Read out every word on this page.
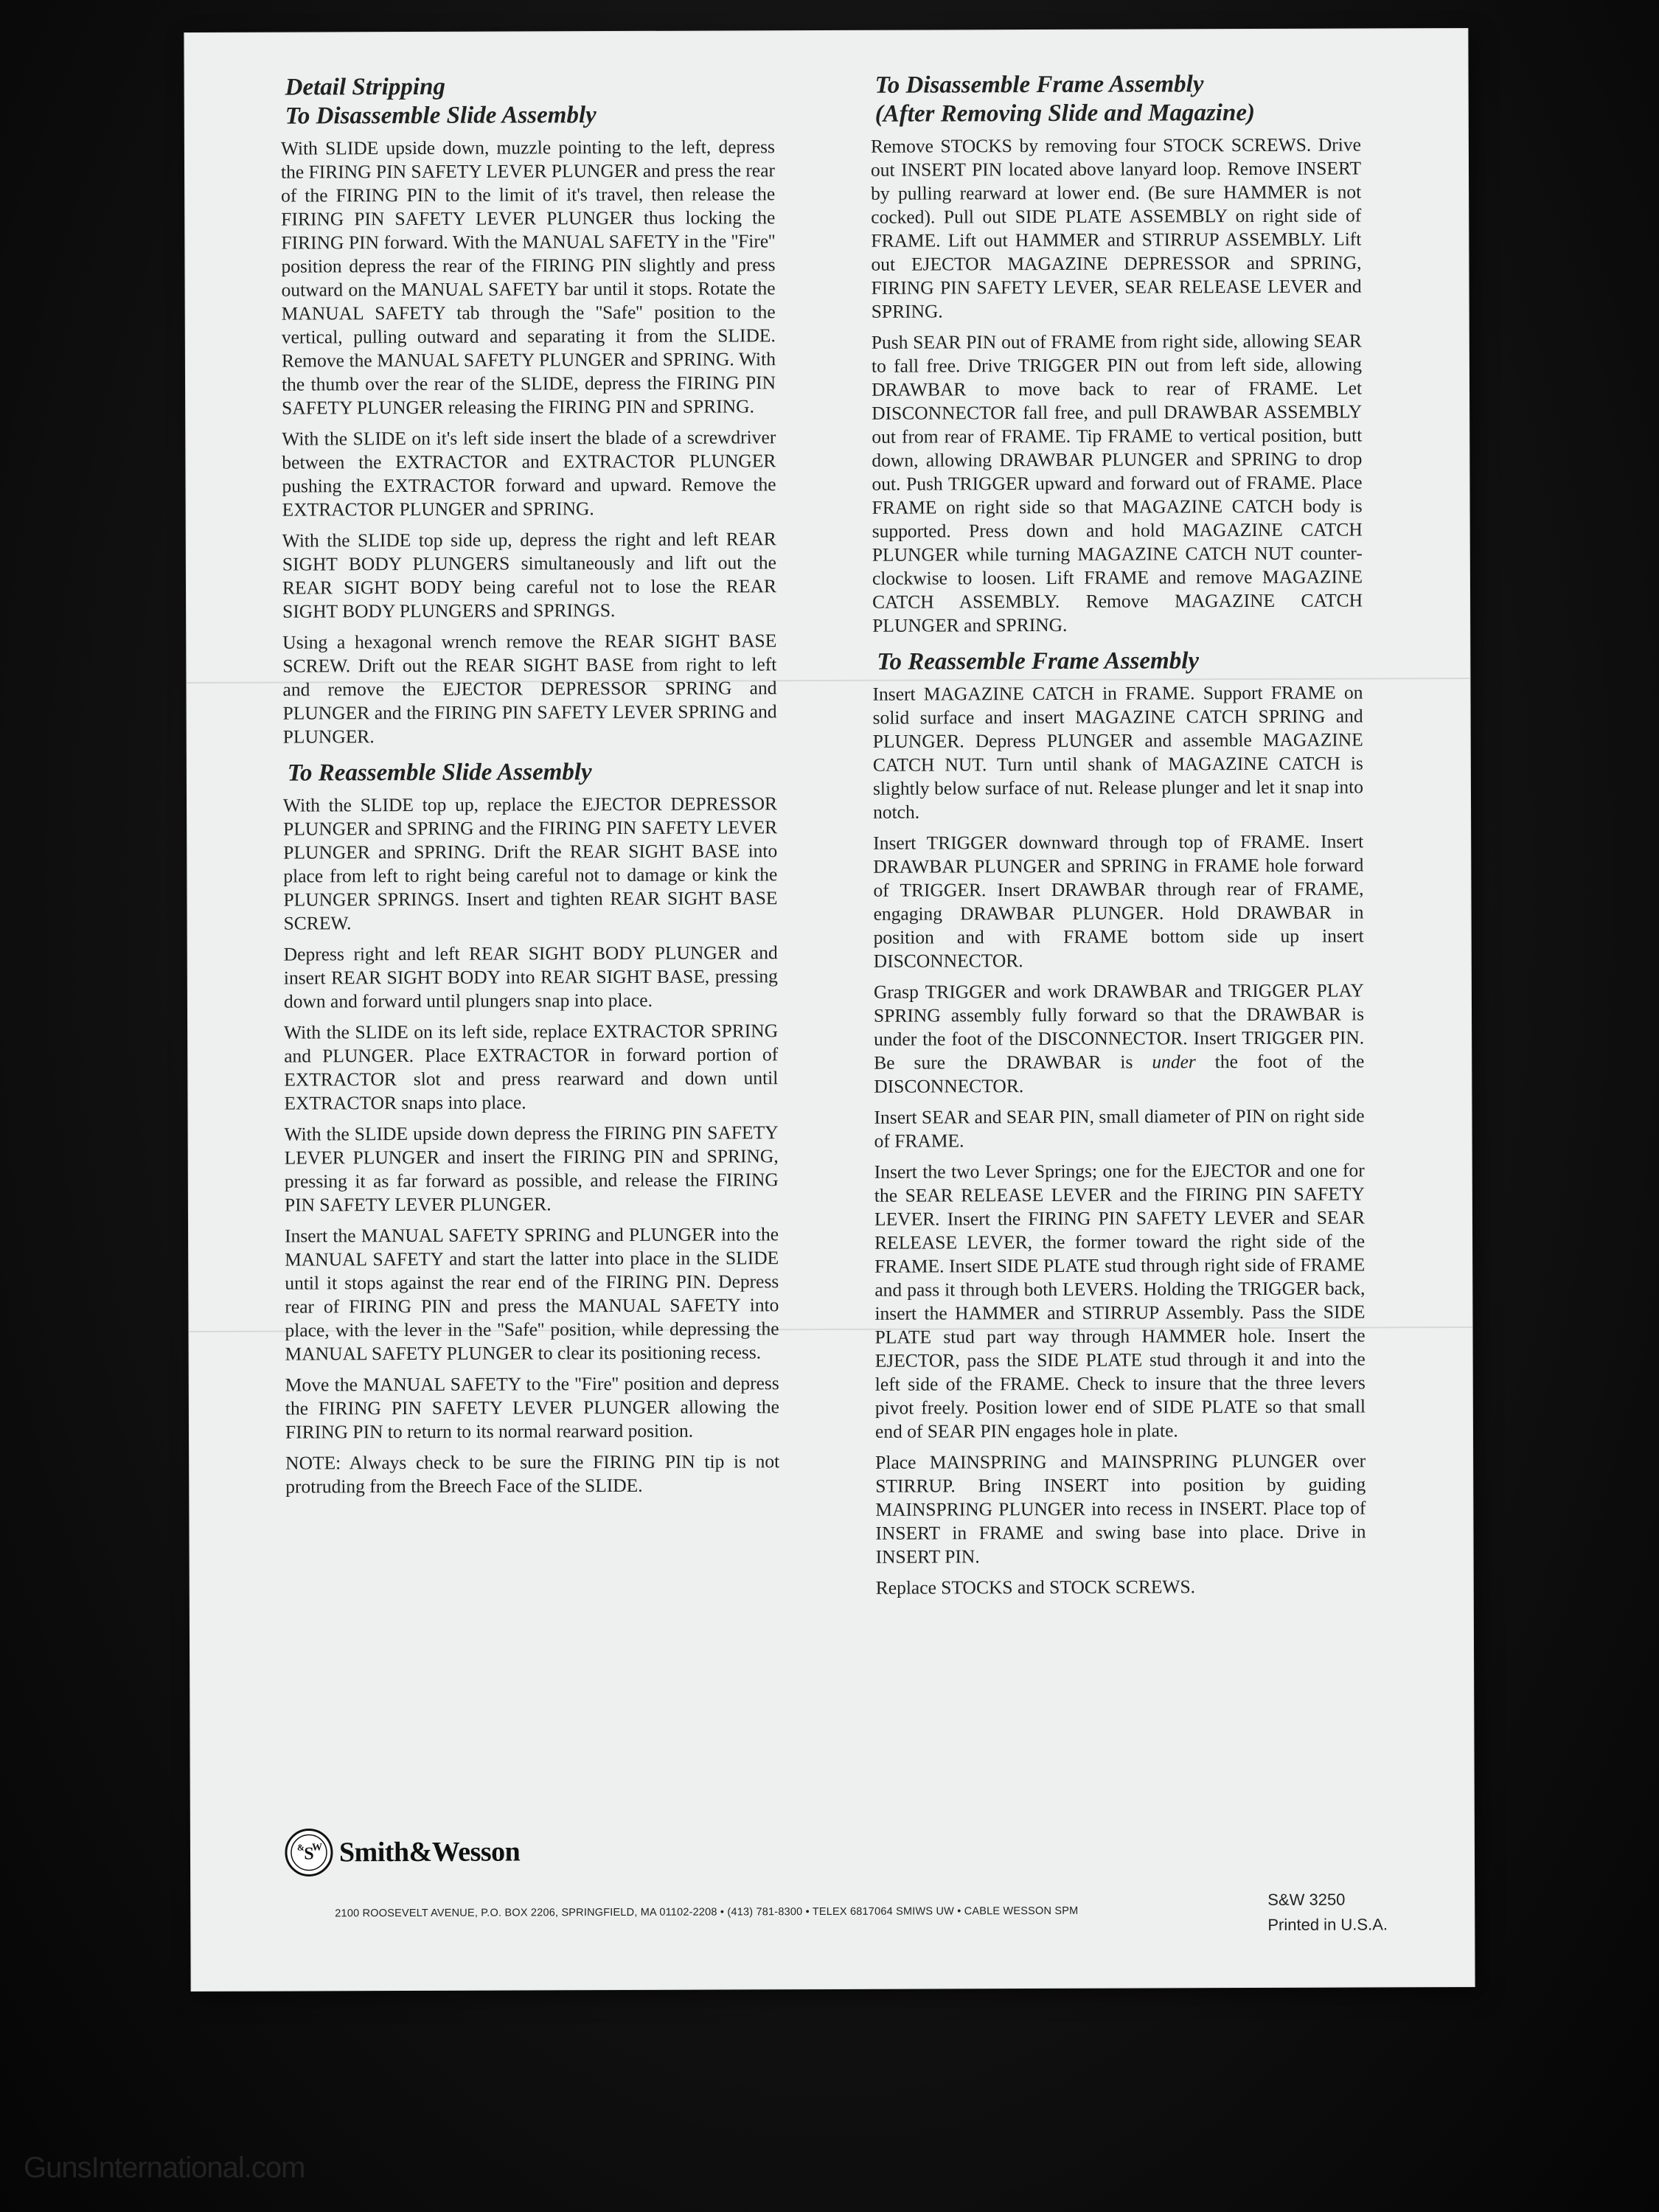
Detail Stripping
To Disassemble Slide Assembly

With SLIDE upside down, muzzle pointing to the left, depress the FIRING PIN SAFETY LEVER PLUNGER and press the rear of the FIRING PIN to the limit of it's travel, then release the FIRING PIN SAFETY LEVER PLUNGER thus locking the FIRING PIN forward. With the MANUAL SAFETY in the ''Fire'' position depress the rear of the FIRING PIN slightly and press outward on the MANUAL SAFETY bar until it stops. Rotate the MANUAL SAFETY tab through the ''Safe'' position to the vertical, pulling outward and separating it from the SLIDE. Remove the MANUAL SAFETY PLUNGER and SPRING. With the thumb over the rear of the SLIDE, depress the FIRING PIN SAFETY PLUNGER releasing the FIRING PIN and SPRING.

With the SLIDE on it's left side insert the blade of a screwdriver between the EXTRACTOR and EXTRACTOR PLUNGER pushing the EXTRACTOR forward and upward. Remove the EXTRACTOR PLUNGER and SPRING.

With the SLIDE top side up, depress the right and left REAR SIGHT BODY PLUNGERS simultaneously and lift out the REAR SIGHT BODY being careful not to lose the REAR SIGHT BODY PLUNGERS and SPRINGS.

Using a hexagonal wrench remove the REAR SIGHT BASE SCREW. Drift out the REAR SIGHT BASE from right to left and remove the EJECTOR DEPRESSOR SPRING and PLUNGER and the FIRING PIN SAFETY LEVER SPRING and PLUNGER.

To Reassemble Slide Assembly

With the SLIDE top up, replace the EJECTOR DEPRESSOR PLUNGER and SPRING and the FIRING PIN SAFETY LEVER PLUNGER and SPRING. Drift the REAR SIGHT BASE into place from left to right being careful not to damage or kink the PLUNGER SPRINGS. Insert and tighten REAR SIGHT BASE SCREW.

Depress right and left REAR SIGHT BODY PLUNGER and insert REAR SIGHT BODY into REAR SIGHT BASE, pressing down and forward until plungers snap into place.

With the SLIDE on its left side, replace EXTRACTOR SPRING and PLUNGER. Place EXTRACTOR in forward portion of EXTRACTOR slot and press rearward and down until EXTRACTOR snaps into place.

With the SLIDE upside down depress the FIRING PIN SAFETY LEVER PLUNGER and insert the FIRING PIN and SPRING, pressing it as far forward as possible, and release the FIRING PIN SAFETY LEVER PLUNGER.

Insert the MANUAL SAFETY SPRING and PLUNGER into the MANUAL SAFETY and start the latter into place in the SLIDE until it stops against the rear end of the FIRING PIN. Depress rear of FIRING PIN and press the MANUAL SAFETY into place, with the lever in the ''Safe'' position, while depressing the MANUAL SAFETY PLUNGER to clear its positioning recess.

Move the MANUAL SAFETY to the ''Fire'' position and depress the FIRING PIN SAFETY LEVER PLUNGER allowing the FIRING PIN to return to its normal rearward position.

NOTE: Always check to be sure the FIRING PIN tip is not protruding from the Breech Face of the SLIDE.

To Disassemble Frame Assembly
(After Removing Slide and Magazine)

Remove STOCKS by removing four STOCK SCREWS. Drive out INSERT PIN located above lanyard loop. Remove INSERT by pulling rearward at lower end. (Be sure HAMMER is not cocked). Pull out SIDE PLATE ASSEMBLY on right side of FRAME. Lift out HAMMER and STIRRUP ASSEMBLY. Lift out EJECTOR MAGAZINE DEPRESSOR and SPRING, FIRING PIN SAFETY LEVER, SEAR RELEASE LEVER and SPRING.

Push SEAR PIN out of FRAME from right side, allowing SEAR to fall free. Drive TRIGGER PIN out from left side, allowing DRAWBAR to move back to rear of FRAME. Let DISCONNECTOR fall free, and pull DRAWBAR ASSEMBLY out from rear of FRAME. Tip FRAME to vertical position, butt down, allowing DRAWBAR PLUNGER and SPRING to drop out. Push TRIGGER upward and forward out of FRAME. Place FRAME on right side so that MAGAZINE CATCH body is supported. Press down and hold MAGAZINE CATCH PLUNGER while turning MAGAZINE CATCH NUT counter-clockwise to loosen. Lift FRAME and remove MAGAZINE CATCH ASSEMBLY. Remove MAGAZINE CATCH PLUNGER and SPRING.

To Reassemble Frame Assembly

Insert MAGAZINE CATCH in FRAME. Support FRAME on solid surface and insert MAGAZINE CATCH SPRING and PLUNGER. Depress PLUNGER and assemble MAGAZINE CATCH NUT. Turn until shank of MAGAZINE CATCH is slightly below surface of nut. Release plunger and let it snap into notch.

Insert TRIGGER downward through top of FRAME. Insert DRAWBAR PLUNGER and SPRING in FRAME hole forward of TRIGGER. Insert DRAWBAR through rear of FRAME, engaging DRAWBAR PLUNGER. Hold DRAWBAR in position and with FRAME bottom side up insert DISCONNECTOR.

Grasp TRIGGER and work DRAWBAR and TRIGGER PLAY SPRING assembly fully forward so that the DRAWBAR is under the foot of the DISCONNECTOR. Insert TRIGGER PIN. Be sure the DRAWBAR is under the foot of the DISCONNECTOR.

Insert SEAR and SEAR PIN, small diameter of PIN on right side of FRAME.

Insert the two Lever Springs; one for the EJECTOR and one for the SEAR RELEASE LEVER and the FIRING PIN SAFETY LEVER. Insert the FIRING PIN SAFETY LEVER and SEAR RELEASE LEVER, the former toward the right side of the FRAME. Insert SIDE PLATE stud through right side of FRAME and pass it through both LEVERS. Holding the TRIGGER back, insert the HAMMER and STIRRUP Assembly. Pass the SIDE PLATE stud part way through HAMMER hole. Insert the EJECTOR, pass the SIDE PLATE stud through it and into the left side of the FRAME. Check to insure that the three levers pivot freely. Position lower end of SIDE PLATE so that small end of SEAR PIN engages hole in plate.

Place MAINSPRING and MAINSPRING PLUNGER over STIRRUP. Bring INSERT into position by guiding MAINSPRING PLUNGER into recess in INSERT. Place top of INSERT in FRAME and swing base into place. Drive in INSERT PIN.

Replace STOCKS and STOCK SCREWS.

S
& W Smith&Wesson
2100 ROOSEVELT AVENUE, P.O. BOX 2206, SPRINGFIELD, MA 01102-2208 • (413) 781-8300 • TELEX 6817064 SMIWS UW • CABLE WESSON SPM
S&W 3250
Printed in U.S.A.
GunsInternational.com
